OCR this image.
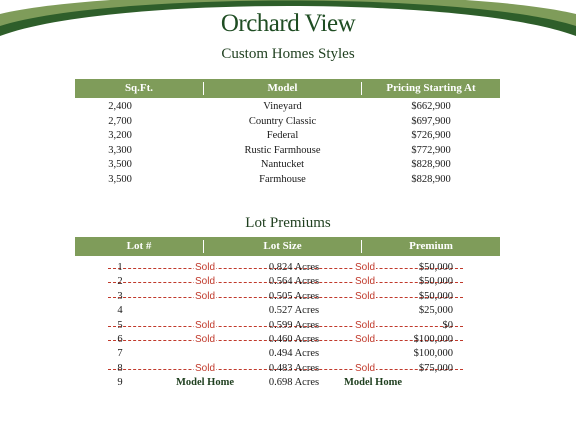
Orchard View
Custom Homes Styles
Sq.Ft.	Model	Pricing Starting At
2,400	Vineyard	$662,900
2,700	Country Classic	$697,900
3,200	Federal	$726,900
3,300	Rustic Farmhouse	$772,900
3,500	Nantucket	$828,900
3,500	Farmhouse	$828,900
Lot Premiums
Lot #	Lot Size	Premium
1	Sold	0.824 Acres	Sold	$50,000
2	Sold	0.564 Acres	Sold	$50,000
3	Sold	0.505 Acres	Sold	$50,000
4	0.527 Acres	$25,000
5	Sold	0.599 Acres	Sold	$0
6	Sold	0.460 Acres	Sold	$100,000
7	0.494 Acres	$100,000
8	Sold	0.483 Acres	Sold	$75,000
9	Model Home	0.698 Acres	Model Home
